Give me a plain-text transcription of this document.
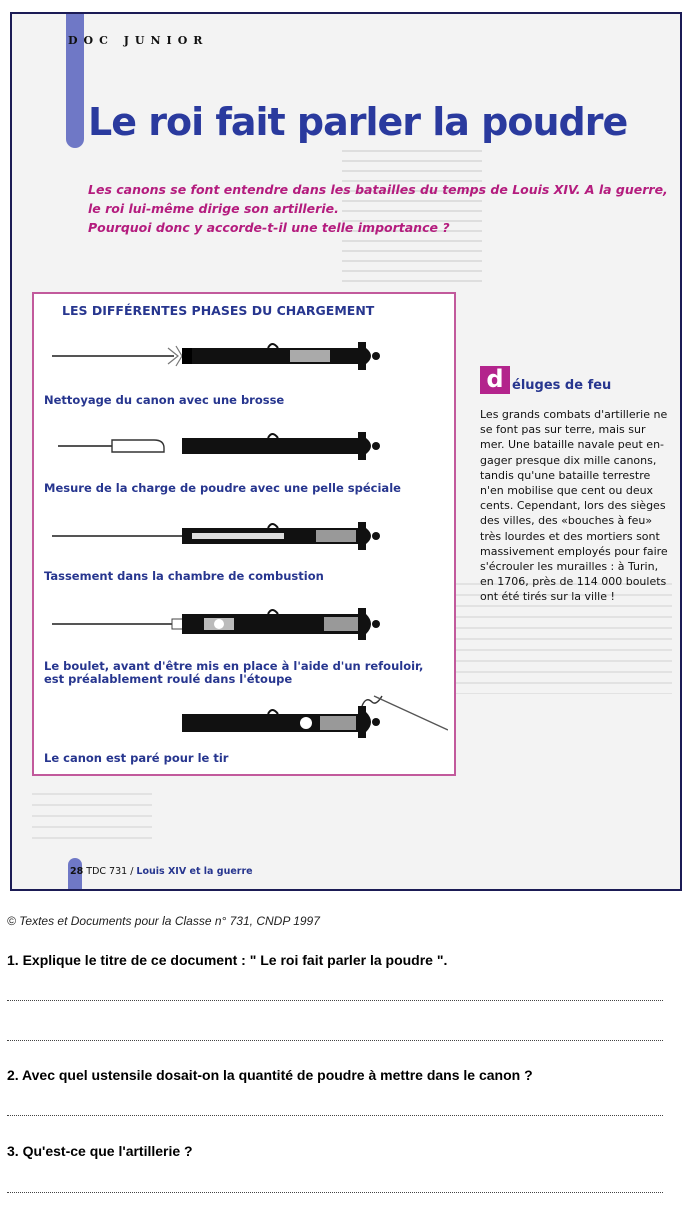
DOC JUNIOR
Le roi fait parler la poudre
Les canons se font entendre dans les batailles du temps de Louis XIV. A la guerre,
le roi lui-même dirige son artillerie.
Pourquoi donc y accorde-t-il une telle importance ?
LES DIFFÉRENTES PHASES DU CHARGEMENT
Nettoyage du canon avec une brosse
Mesure de la charge de poudre avec une pelle spéciale
Tassement dans la chambre de combustion
Le boulet, avant d'être mis en place à l'aide d'un refouloir,
est préalablement roulé dans l'étoupe
Le canon est paré pour le tir
d éluges de feu
Les grands combats d'artillerie ne
se font pas sur terre, mais sur
mer. Une bataille navale peut en-
gager presque dix mille canons,
tandis qu'une bataille terrestre
n'en mobilise que cent ou deux
cents. Cependant, lors des sièges
des villes, des «bouches à feu»
très lourdes et des mortiers sont
massivement employés pour faire
s'écrouler les murailles : à Turin,
en 1706, près de 114 000 boulets
ont été tirés sur la ville !
28 TDC 731 / Louis XIV et la guerre
© Textes et Documents pour la Classe n° 731, CNDP 1997
1. Explique le titre de ce document : " Le roi fait parler la poudre ".
2. Avec quel ustensile dosait-on la quantité de poudre à mettre dans le canon ?
3. Qu'est-ce que l'artillerie ?
